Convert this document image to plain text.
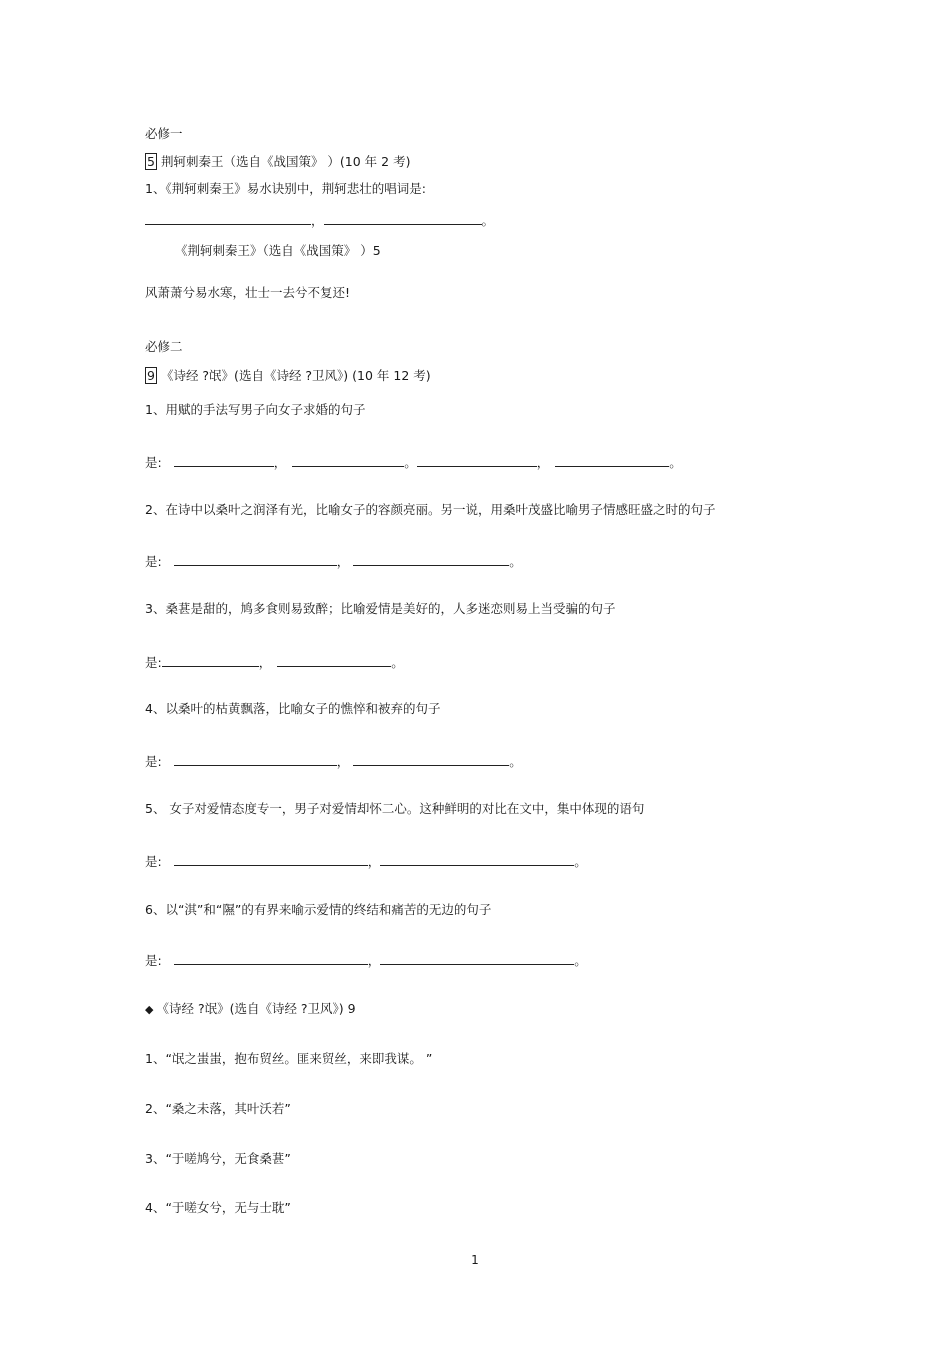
必修一
5 荆轲刺秦王（选自《战国策》 ）(10 年 2 考)
1、《荆轲刺秦王》易水诀别中，荆轲悲壮的唱词是:
，	。
《荆轲刺秦王》（选自《战国策》 ）5
风萧萧兮易水寒，壮士一去兮不复还!
必修二
9 《诗经 ?氓》(选自《诗经 ?卫风》) (10 年 12 考)
1、用赋的手法写男子向女子求婚的句子
是:	，	。	，	。
2、在诗中以桑叶之润泽有光，比喻女子的容颜亮丽。另一说，用桑叶茂盛比喻男子情感旺盛之时的句子
是:	，	。
3、桑葚是甜的，鸠多食则易致醉；比喻爱情是美好的，人多迷恋则易上当受骗的句子
是:	，	。
4、以桑叶的枯黄飘落，比喻女子的憔悴和被弃的句子
是:	，	。
5、 女子对爱情态度专一，男子对爱情却怀二心。这种鲜明的对比在文中，集中体现的语句
是:	，	。
6、以“淇”和“隰”的有界来喻示爱情的终结和痛苦的无边的句子
是:	，	。
◆ 《诗经 ?氓》(选自《诗经 ?卫风》) 9
1、“氓之蚩蚩，抱布贸丝。匪来贸丝，来即我谋。 ”
2、“桑之未落，其叶沃若”
3、“于嗟鸠兮，无食桑葚”
4、“于嗟女兮，无与士耽”
1
